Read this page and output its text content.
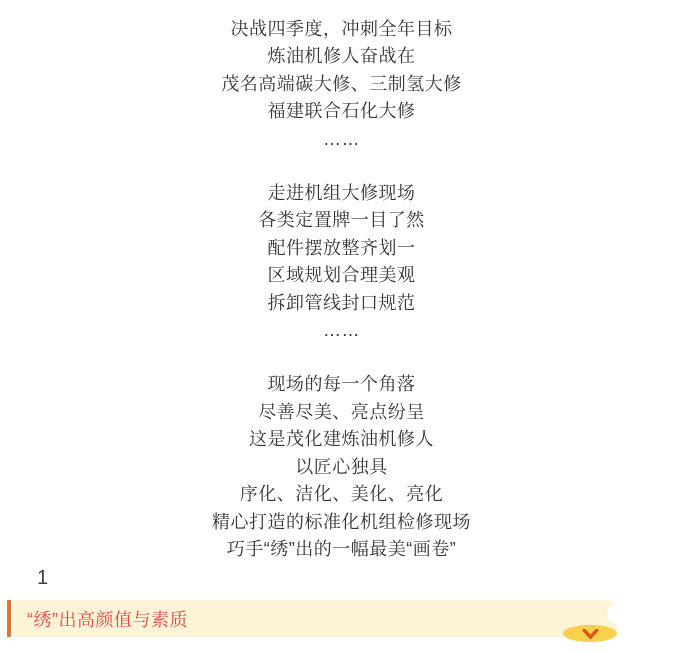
决战四季度，冲刺全年目标
炼油机修人奋战在
茂名高端碳大修、三制氢大修
福建联合石化大修
……

走进机组大修现场
各类定置牌一目了然
配件摆放整齐划一
区域规划合理美观
拆卸管线封口规范
……

现场的每一个角落
尽善尽美、亮点纷呈
这是茂化建炼油机修人
以匠心独具
序化、洁化、美化、亮化
精心打造的标准化机组检修现场
巧手“绣”出的一幅最美“画卷”

1
“绣”出高颜值与素质
